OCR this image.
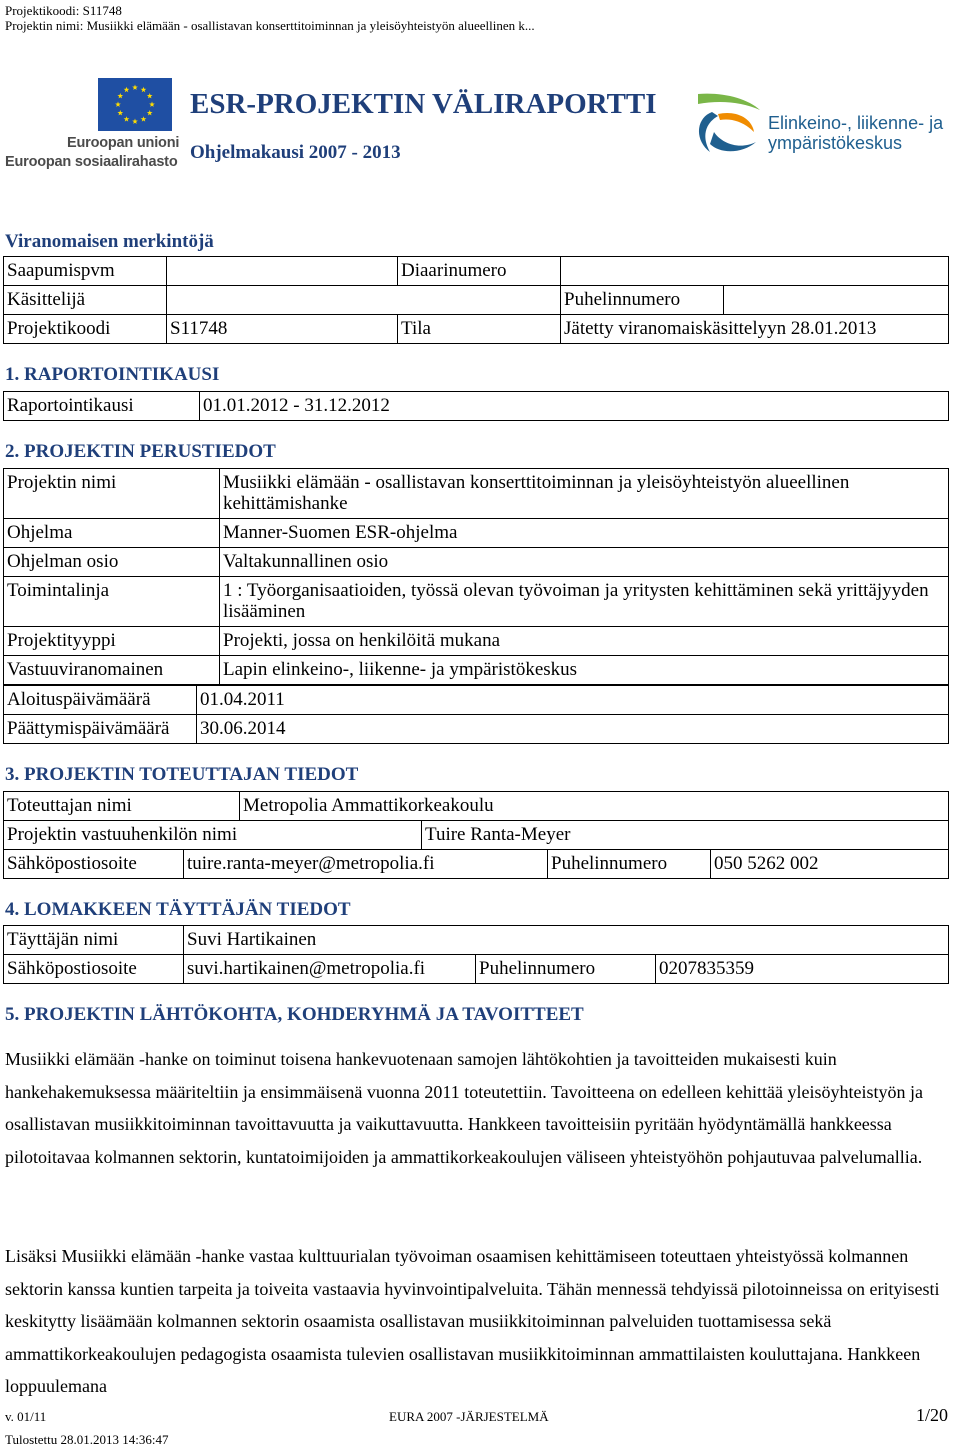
Projektikoodi: S11748
Projektin nimi: Musiikki elämään - osallistavan konserttitoiminnan ja yleisöyhteistyön alueellinen k...
Euroopan unioni
Euroopan sosiaalirahasto
ESR-PROJEKTIN VÄLIRAPORTTI
Ohjelmakausi 2007 - 2013
Elinkeino-, liikenne- ja
ympäristökeskus
Viranomaisen merkintöjä
Saapumispvm		Diaarinumero		
Käsittelijä			Puhelinnumero	
Projektikoodi	S11748	Tila	Jätetty viranomaiskäsittelyyn 28.01.2013	
1. RAPORTOINTIKAUSI
Raportointikausi	01.01.2012 - 31.12.2012
2. PROJEKTIN PERUSTIEDOT
Projektin nimi	Musiikki elämään - osallistavan konserttitoiminnan ja yleisöyhteistyön alueellinen kehittämishanke
Ohjelma	Manner-Suomen ESR-ohjelma
Ohjelman osio	Valtakunnallinen osio
Toimintalinja	1 : Työorganisaatioiden, työssä olevan työvoiman ja yritysten kehittäminen sekä yrittäjyyden lisääminen
Projektityyppi	Projekti, jossa on henkilöitä mukana
Vastuuviranomainen	Lapin elinkeino-, liikenne- ja ympäristökeskus
Aloituspäivämäärä	01.04.2011
Päättymispäivämäärä	30.06.2014
3. PROJEKTIN TOTEUTTAJAN TIEDOT
Toteuttajan nimi	Metropolia Ammattikorkeakoulu
Projektin vastuuhenkilön nimi	Tuire Ranta-Meyer
Sähköpostiosoite	tuire.ranta-meyer@metropolia.fi	Puhelinnumero	050 5262 002
4. LOMAKKEEN TÄYTTÄJÄN TIEDOT
Täyttäjän nimi	Suvi Hartikainen
Sähköpostiosoite	suvi.hartikainen@metropolia.fi	Puhelinnumero	0207835359
5. PROJEKTIN LÄHTÖKOHTA, KOHDERYHMÄ JA TAVOITTEET
Musiikki elämään -hanke on toiminut toisena hankevuotenaan samojen lähtökohtien ja tavoitteiden mukaisesti kuin hankehakemuksessa määriteltiin ja ensimmäisenä vuonna 2011 toteutettiin. Tavoitteena on edelleen kehittää yleisöyhteistyön ja osallistavan musiikkitoiminnan tavoittavuutta ja vaikuttavuutta. Hankkeen tavoitteisiin pyritään hyödyntämällä hankkeessa pilotoitavaa kolmannen sektorin, kuntatoimijoiden ja ammattikorkeakoulujen väliseen yhteistyöhön pohjautuvaa palvelumallia.
Lisäksi Musiikki elämään -hanke vastaa kulttuurialan työvoiman osaamisen kehittämiseen toteuttaen yhteistyössä kolmannen sektorin kanssa kuntien tarpeita ja toiveita vastaavia hyvinvointipalveluita. Tähän mennessä tehdyissä pilotoinneissa on erityisesti keskitytty lisäämään kolmannen sektorin osaamista osallistavan musiikkitoiminnan palveluiden tuottamisessa sekä ammattikorkeakoulujen pedagogista osaamista tulevien osallistavan musiikkitoiminnan ammattilaisten kouluttajana. Hankkeen loppuulemana
v. 01/11	EURA 2007 -JÄRJESTELMÄ	1/20
Tulostettu 28.01.2013 14:36:47
